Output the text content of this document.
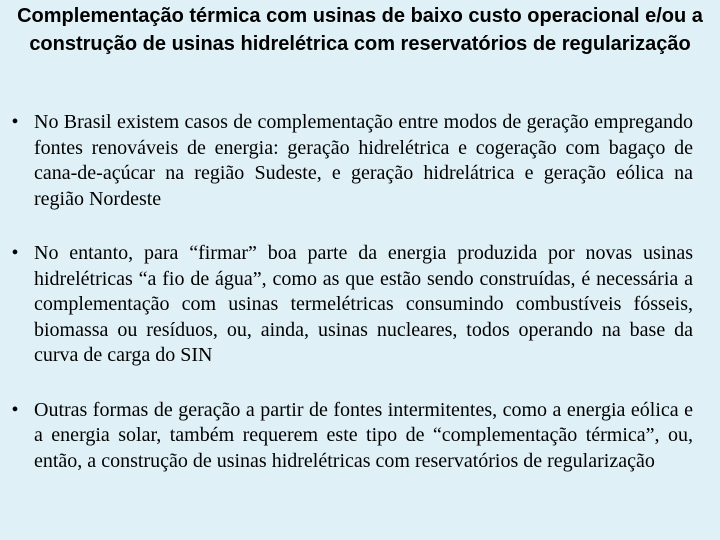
Complementação térmica com usinas de baixo custo operacional e/ou a construção de usinas hidrelétrica com reservatórios de regularização
• No Brasil existem casos de complementação entre modos de geração empregando fontes renováveis de energia: geração hidrelétrica e cogeração com bagaço de cana-de-açúcar na região Sudeste, e geração hidrelátrica e geração eólica na região Nordeste
• No entanto, para “firmar” boa parte da energia produzida por novas usinas hidrelétricas “a fio de água”, como as que estão sendo construídas, é necessária a complementação com usinas termelétricas consumindo combustíveis fósseis, biomassa ou resíduos, ou, ainda, usinas nucleares, todos operando na base da curva de carga do SIN
• Outras formas de geração a partir de fontes intermitentes, como a energia eólica e a energia solar, também requerem este tipo de “complementação térmica”, ou, então, a construção de usinas hidrelétricas com reservatórios de regularização
